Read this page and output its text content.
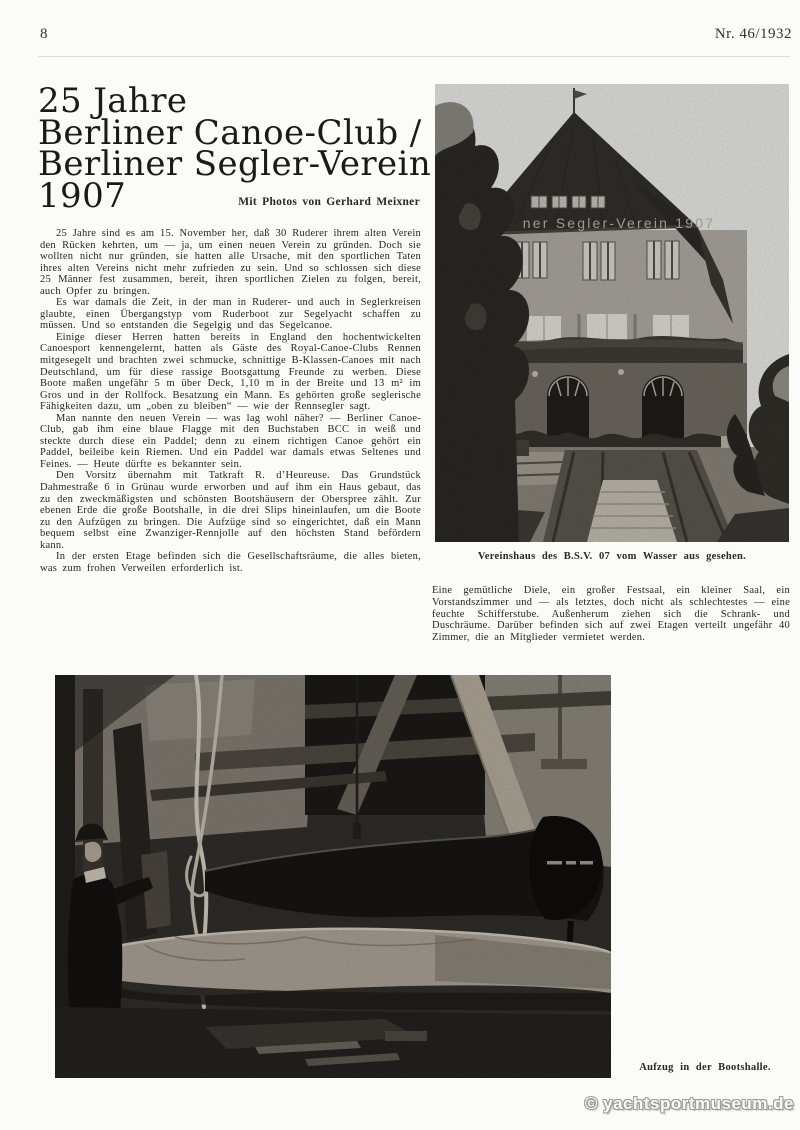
8	Nr. 46/1932
25 Jahre
Berliner Canoe-Club /
Berliner Segler-Verein
1907	Mit Photos von Gerhard Meixner

25 Jahre sind es am 15. November her, daß 30 Ruderer ihrem alten Verein den Rücken kehrten, um — ja, um einen neuen Verein zu gründen. Doch sie wollten nicht nur gründen, sie hatten alle Ursache, mit den sportlichen Taten ihres alten Vereins nicht mehr zufrieden zu sein. Und so schlossen sich diese 25 Männer fest zusammen, bereit, ihren sportlichen Zielen zu folgen, bereit, auch Opfer zu bringen.

Es war damals die Zeit, in der man in Ruderer- und auch in Seglerkreisen glaubte, einen Übergangstyp vom Ruderboot zur Segelyacht schaffen zu müssen. Und so entstanden die Segelgig und das Segelcanoe.

Einige dieser Herren hatten bereits in England den hochentwickelten Canoesport kennengelernt, hatten als Gäste des Royal-Canoe-Clubs Rennen mitgesegelt und brachten zwei schmucke, schnittige B-Klassen-Canoes mit nach Deutschland, um für diese rassige Bootsgattung Freunde zu werben. Diese Boote maßen ungefähr 5 m über Deck, 1,10 m in der Breite und 13 m² im Gros und in der Rollfock. Besatzung ein Mann. Es gehörten große seglerische Fähigkeiten dazu, um „oben zu bleiben“ — wie der Rennsegler sagt.

Man nannte den neuen Verein — was lag wohl näher? — Berliner Canoe-Club, gab ihm eine blaue Flagge mit den Buchstaben BCC in weiß und steckte durch diese ein Paddel; denn zu einem richtigen Canoe gehört ein Paddel, beileibe kein Riemen. Und ein Paddel war damals etwas Seltenes und Feines. — Heute dürfte es bekannter sein.

Den Vorsitz übernahm mit Tatkraft R. d’Heureuse. Das Grundstück Dahmestraße 6 in Grünau wurde erworben und auf ihm ein Haus gebaut, das zu den zweckmäßigsten und schönsten Bootshäusern der Oberspree zählt. Zur ebenen Erde die große Bootshalle, in die drei Slips hineinlaufen, um die Boote zu den Aufzügen zu bringen. Die Aufzüge sind so eingerichtet, daß ein Mann bequem selbst eine Zwanziger-Rennjolle auf den höchsten Stand befördern kann.

In der ersten Etage befinden sich die Gesellschaftsräume, die alles bieten, was zum frohen Verweilen erforderlich ist.

ner Segler-Verein 1907
Vereinshaus des B.S.V. 07 vom Wasser aus gesehen.

Eine gemütliche Diele, ein großer Festsaal, ein kleiner Saal, ein Vorstandszimmer und — als letztes, doch nicht als schlechtestes — eine feuchte Schifferstube. Außenherum ziehen sich die Schrank- und Duschräume. Darüber befinden sich auf zwei Etagen verteilt ungefähr 40 Zimmer, die an Mitglieder vermietet werden.

Aufzug in der Bootshalle.
© yachtsportmuseum.de
